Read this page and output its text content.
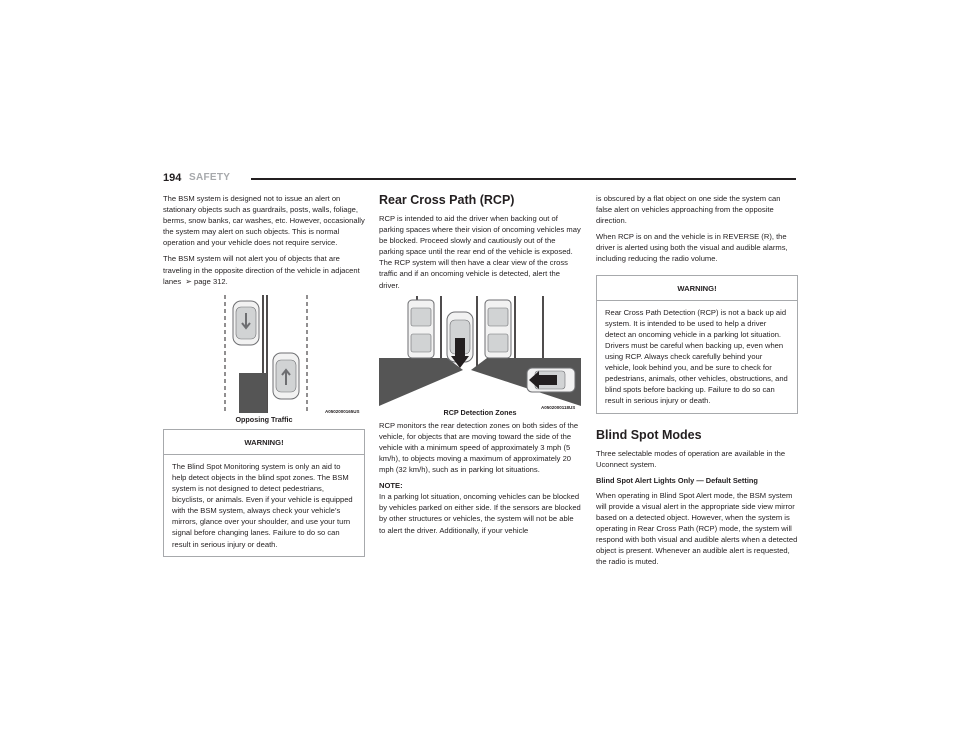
194 SAFETY

The BSM system is designed not to issue an alert on stationary objects such as guardrails, posts, walls, foliage, berms, snow banks, car washes, etc. However, occasionally the system may alert on such objects. This is normal operation and your vehicle does not require service.

The BSM system will not alert you of objects that are traveling in the opposite direction of the vehicle in adjacent lanes ➢ page 312.

A0502000165US
Opposing Traffic
WARNING!
The Blind Spot Monitoring system is only an aid to help detect objects in the blind spot zones. The BSM system is not designed to detect pedestrians, bicyclists, or animals. Even if your vehicle is equipped with the BSM system, always check your vehicle’s mirrors, glance over your shoulder, and use your turn signal before changing lanes. Failure to do so can result in serious injury or death.
Rear Cross Path (RCP)

RCP is intended to aid the driver when backing out of parking spaces where their vision of oncoming vehicles may be blocked. Proceed slowly and cautiously out of the parking space until the rear end of the vehicle is exposed. The RCP system will then have a clear view of the cross traffic and if an oncoming vehicle is detected, alert the driver.

A0502000118US
RCP Detection Zones

RCP monitors the rear detection zones on both sides of the vehicle, for objects that are moving toward the side of the vehicle with a minimum speed of approximately 3 mph (5 km/h), to objects moving a maximum of approximately 20 mph (32 km/h), such as in parking lot situations.

NOTE:

In a parking lot situation, oncoming vehicles can be blocked by vehicles parked on either side. If the sensors are blocked by other structures or vehicles, the system will not be able to alert the driver. Additionally, if your vehicle

is obscured by a flat object on one side the system can false alert on vehicles approaching from the opposite direction.

When RCP is on and the vehicle is in REVERSE (R), the driver is alerted using both the visual and audible alarms, including reducing the radio volume.

WARNING!
Rear Cross Path Detection (RCP) is not a back up aid system. It is intended to be used to help a driver detect an oncoming vehicle in a parking lot situation. Drivers must be careful when backing up, even when using RCP. Always check carefully behind your vehicle, look behind you, and be sure to check for pedestrians, animals, other vehicles, obstructions, and blind spots before backing up. Failure to do so can result in serious injury or death.
Blind Spot Modes

Three selectable modes of operation are available in the Uconnect system.

Blind Spot Alert Lights Only — Default Setting

When operating in Blind Spot Alert mode, the BSM system will provide a visual alert in the appropriate side view mirror based on a detected object. However, when the system is operating in Rear Cross Path (RCP) mode, the system will respond with both visual and audible alerts when a detected object is present. Whenever an audible alert is requested, the radio is muted.
